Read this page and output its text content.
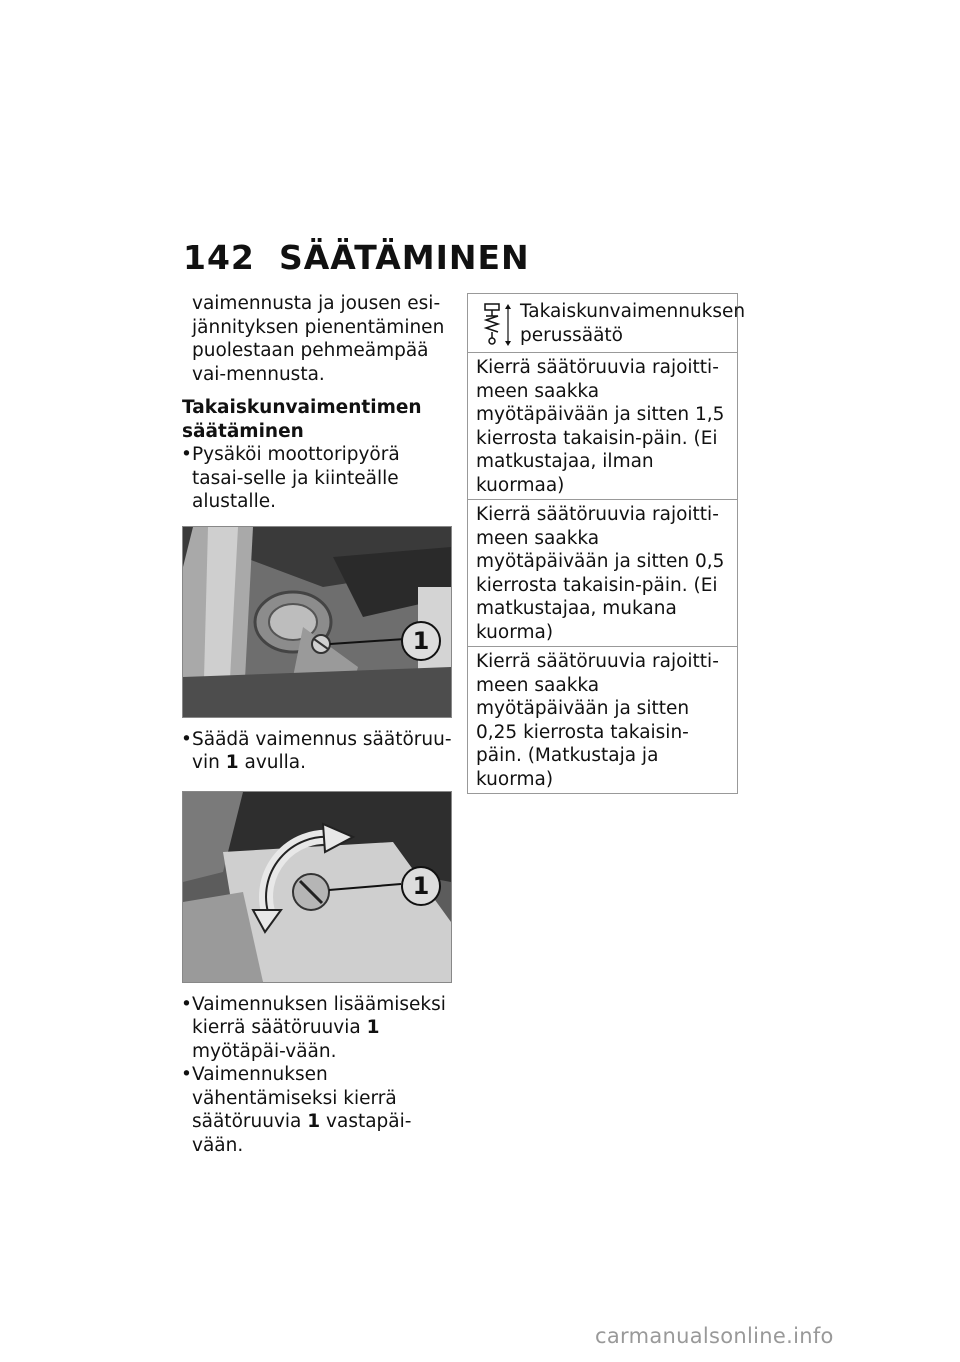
142 SÄÄTÄMINEN
vaimennusta ja jousen esi-jännityksen pienentäminen puolestaan pehmeämpää vai-mennusta.
Takaiskunvaimentimen säätäminen
• Pysäköi moottoripyörä tasai-selle ja kiinteälle alustalle.
1
• Säädä vaimennus säätöruu-vin 1 avulla.
1
• Vaimennuksen lisäämiseksi kierrä säätöruuvia 1 myötäpäi-vään.
• Vaimennuksen vähentämiseksi kierrä säätöruuvia 1 vastapäi-vään.
Takaiskunvaimennuksen perussäätö
Kierrä säätöruuvia rajoitti-meen saakka myötäpäivään ja sitten 1,5 kierrosta takaisin-päin. (Ei matkustajaa, ilman kuormaa)
Kierrä säätöruuvia rajoitti-meen saakka myötäpäivään ja sitten 0,5 kierrosta takaisin-päin. (Ei matkustajaa, mukana kuorma)
Kierrä säätöruuvia rajoitti-meen saakka myötäpäivään ja sitten 0,25 kierrosta takaisin-päin. (Matkustaja ja kuorma)
carmanualsonline.info
